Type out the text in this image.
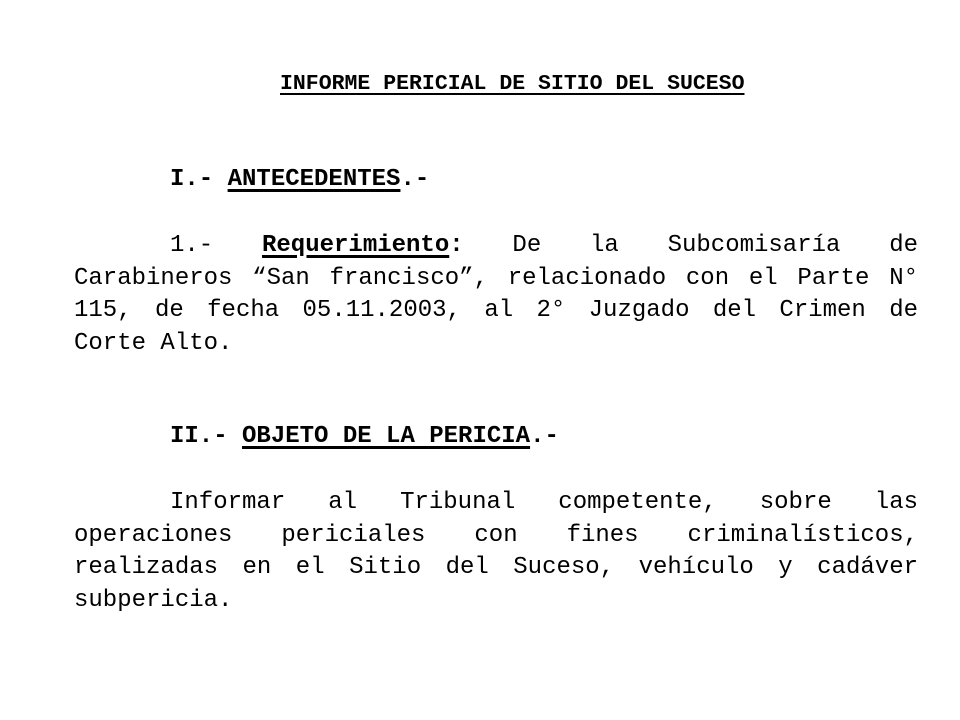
INFORME PERICIAL DE SITIO DEL SUCESO
I.- ANTECEDENTES.-
1.- Requerimiento: De la Subcomisaría de Carabineros “San francisco”, relacionado con el Parte N° 115, de fecha 05.11.2003, al 2° Juzgado del Crimen de Corte Alto.
II.- OBJETO DE LA PERICIA.-
Informar al Tribunal competente, sobre las operaciones periciales con fines criminalísticos, realizadas en el Sitio del Suceso, vehículo y cadáver subpericia.
